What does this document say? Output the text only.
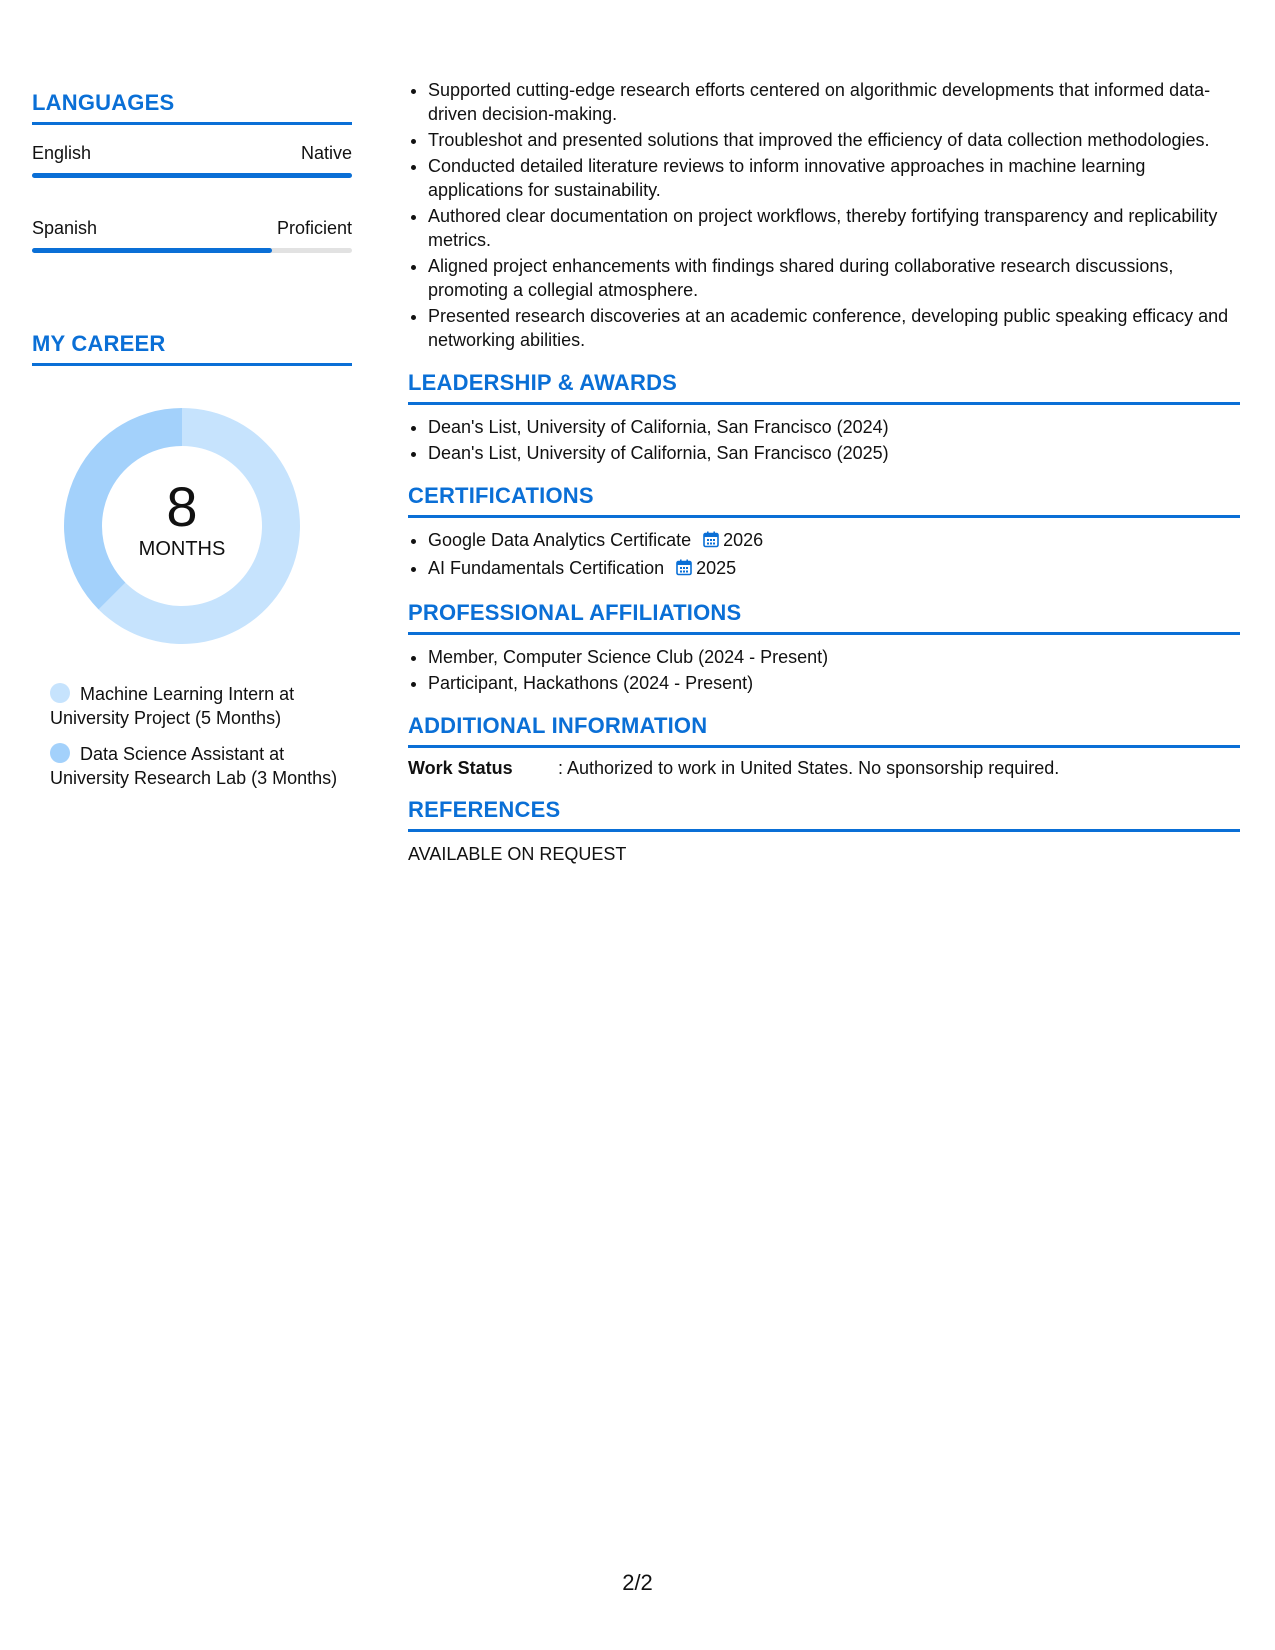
LANGUAGES
English	Native
Spanish	Proficient
MY CAREER
8
MONTHS
Machine Learning Intern at University Project (5 Months)
Data Science Assistant at University Research Lab (3 Months)
• Supported cutting-edge research efforts centered on algorithmic developments that informed data-driven decision-making.
• Troubleshot and presented solutions that improved the efficiency of data collection methodologies.
• Conducted detailed literature reviews to inform innovative approaches in machine learning applications for sustainability.
• Authored clear documentation on project workflows, thereby fortifying transparency and replicability metrics.
• Aligned project enhancements with findings shared during collaborative research discussions, promoting a collegial atmosphere.
• Presented research discoveries at an academic conference, developing public speaking efficacy and networking abilities.
LEADERSHIP & AWARDS
• Dean's List, University of California, San Francisco (2024)
• Dean's List, University of California, San Francisco (2025)
CERTIFICATIONS
• Google Data Analytics Certificate 2026
• AI Fundamentals Certification 2025
PROFESSIONAL AFFILIATIONS
• Member, Computer Science Club (2024 - Present)
• Participant, Hackathons (2024 - Present)
ADDITIONAL INFORMATION
Work Status	: Authorized to work in United States. No sponsorship required.
REFERENCES
AVAILABLE ON REQUEST
2/2
